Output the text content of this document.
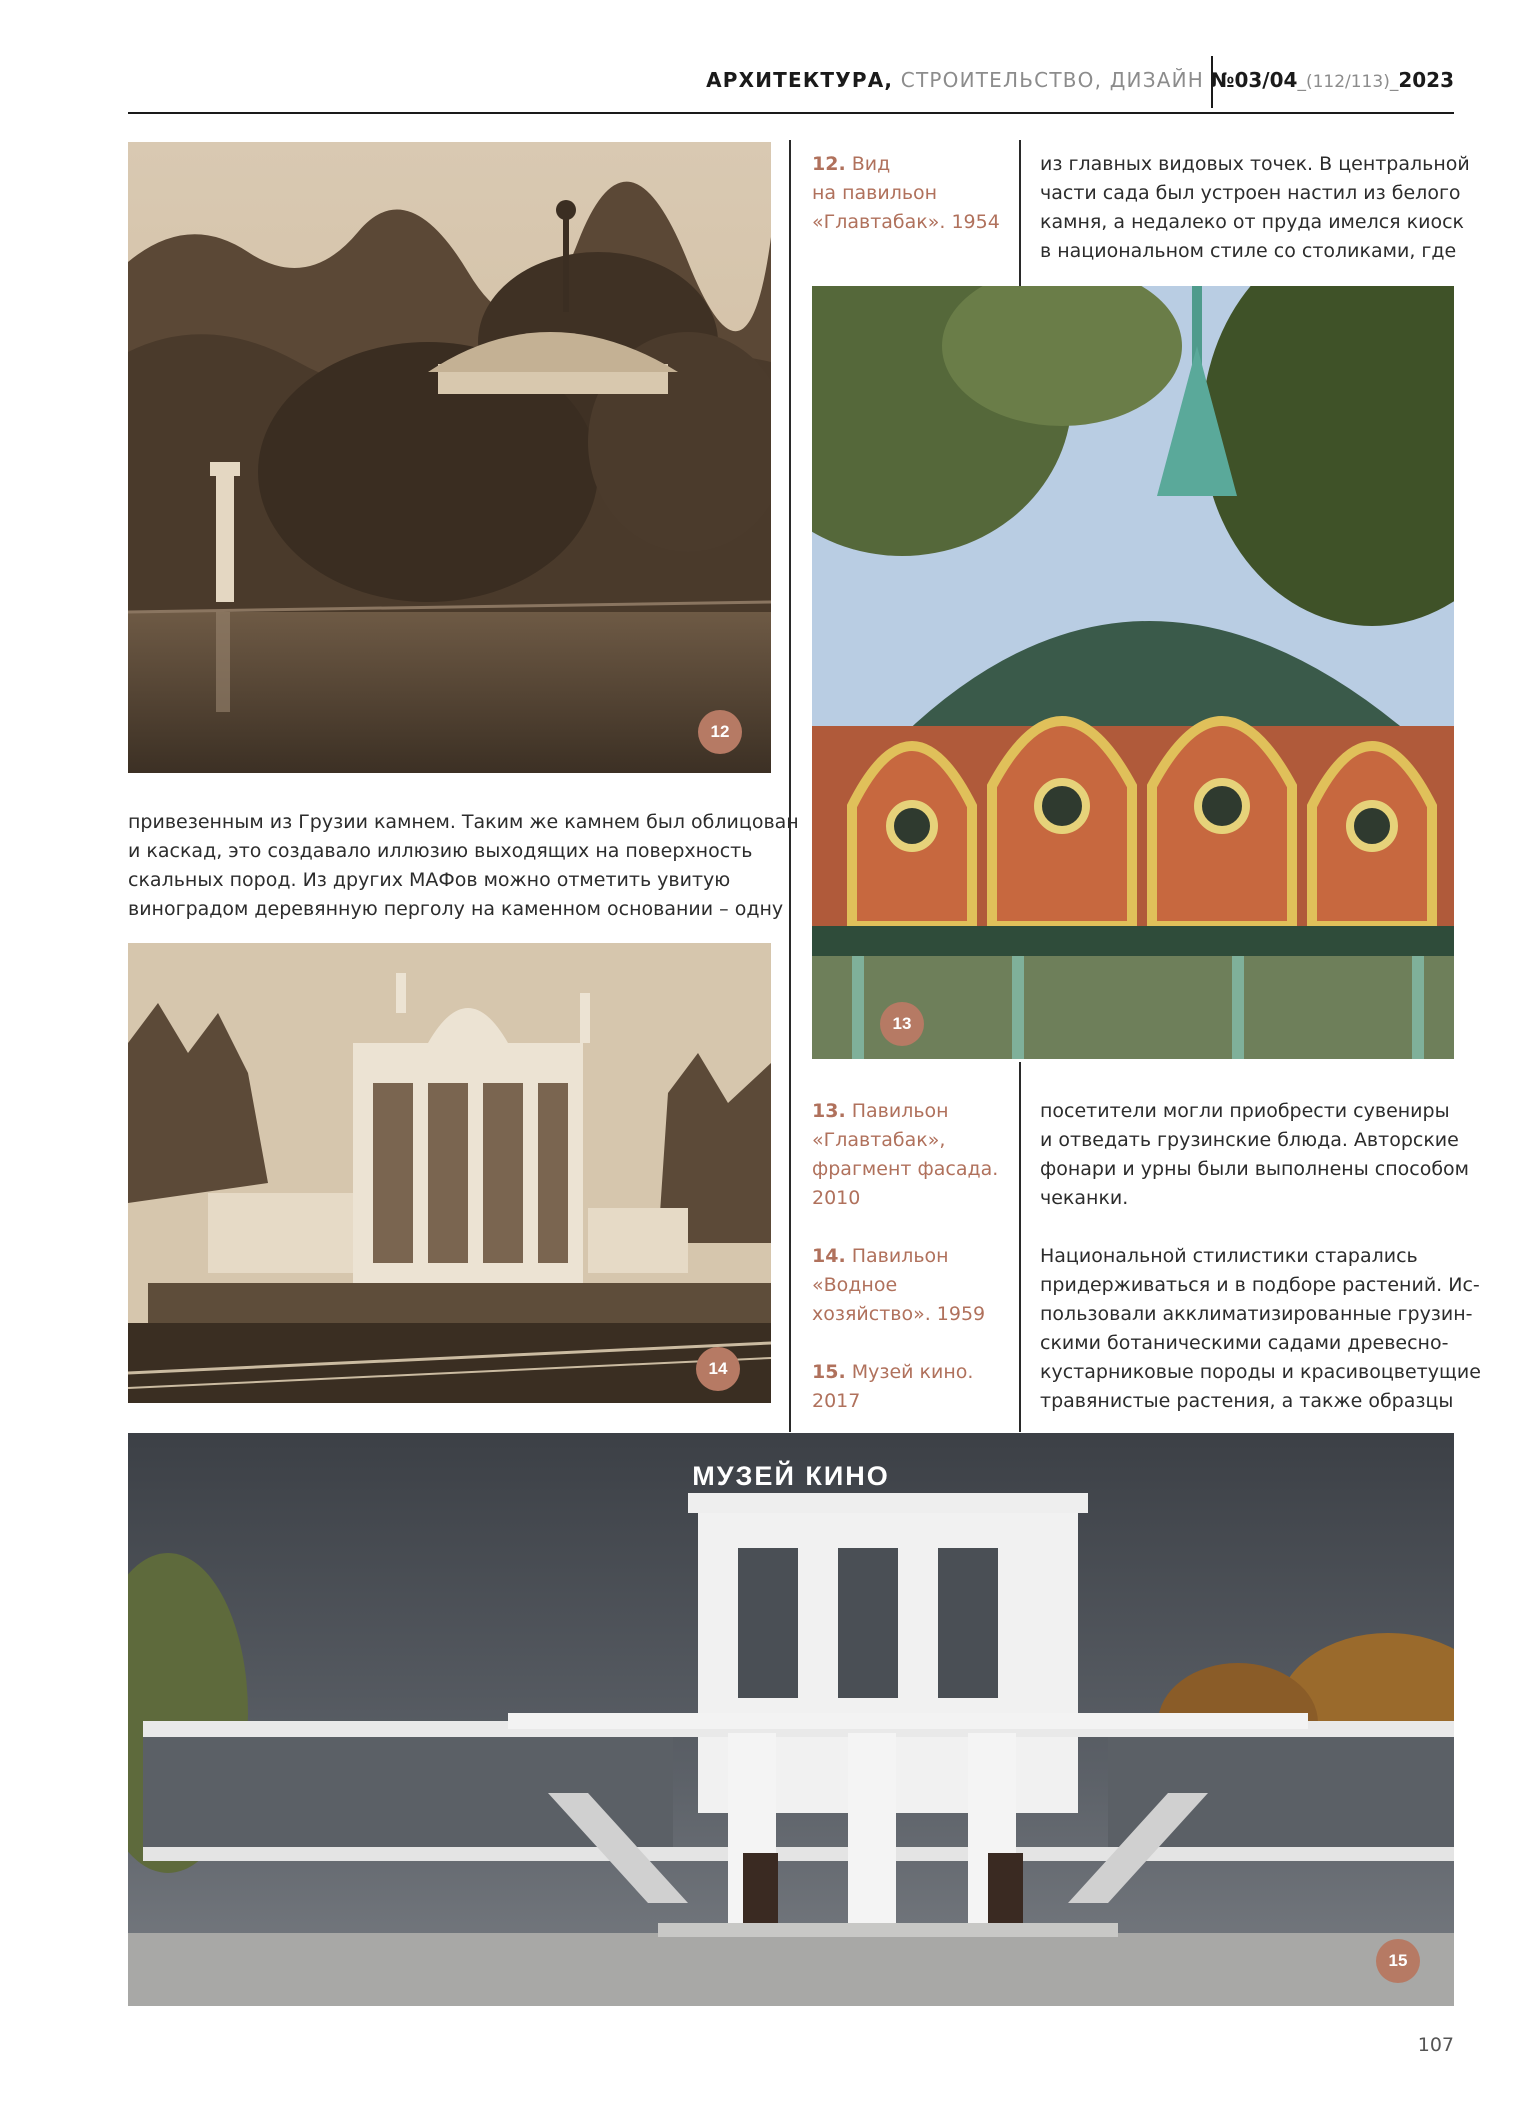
АРХИТЕКТУРА, СТРОИТЕЛЬСТВО, ДИЗАЙН №03/04_(112/113)_2023
12
12. Вид
на павильон
«Главтабак». 1954

из главных видовых точек. В центральной

части сада был устроен настил из белого

камня, а недалеко от пруда имелся киоск

в национальном стиле со столиками, где

13

привезенным из Грузии камнем. Таким же камнем был облицован

и каскад, это создавало иллюзию выходящих на поверхность

скальных пород. Из других МАФов можно отметить увитую

виноградом деревянную перголу на каменном основании – одну

14
13. Павильон
«Главтабак»,
фрагмент фасада.
2010
14. Павильон
«Водное
хозяйство». 1959
15. Музей кино.
2017

посетители могли приобрести сувениры

и отведать грузинские блюда. Авторские

фонари и урны были выполнены способом

чеканки.

Национальной стилистики старались

придерживаться и в подборе растений. Ис-

пользовали акклиматизированные грузин-

скими ботаническими садами древесно-

кустарниковые породы и красивоцветущие

травянистые растения, а также образцы

МУЗЕЙ КИНО
15
107
